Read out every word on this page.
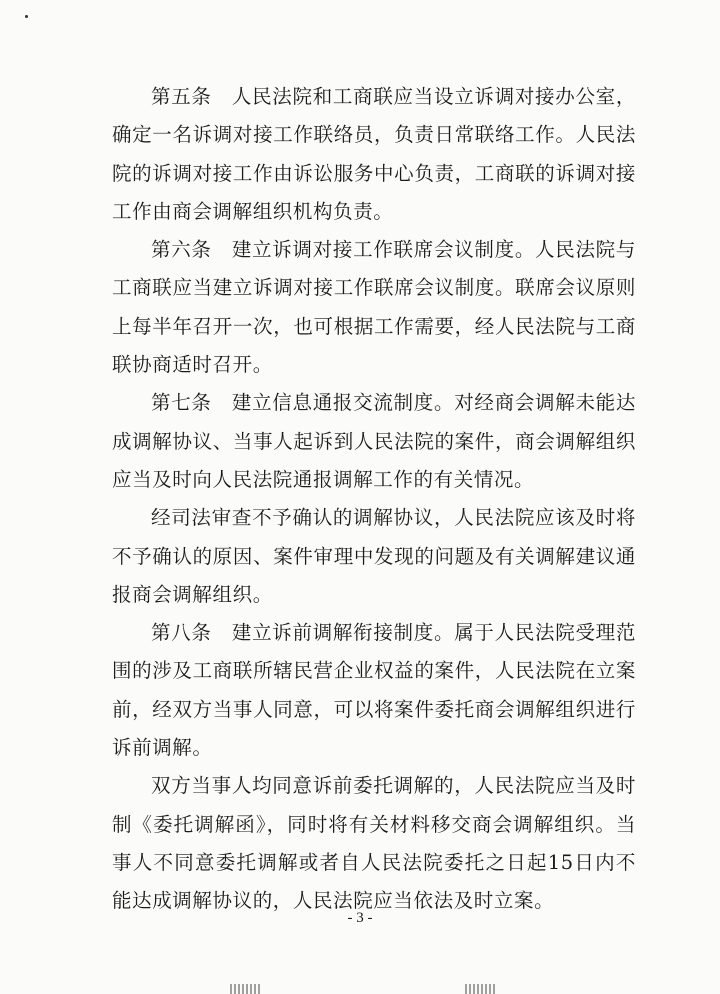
第五条　人民法院和工商联应当设立诉调对接办公室，确定一名诉调对接工作联络员，负责日常联络工作。人民法院的诉调对接工作由诉讼服务中心负责，工商联的诉调对接工作由商会调解组织机构负责。

第六条　建立诉调对接工作联席会议制度。人民法院与工商联应当建立诉调对接工作联席会议制度。联席会议原则上每半年召开一次，也可根据工作需要，经人民法院与工商联协商适时召开。

第七条　建立信息通报交流制度。对经商会调解未能达成调解协议、当事人起诉到人民法院的案件，商会调解组织应当及时向人民法院通报调解工作的有关情况。

经司法审查不予确认的调解协议，人民法院应该及时将不予确认的原因、案件审理中发现的问题及有关调解建议通报商会调解组织。

第八条　建立诉前调解衔接制度。属于人民法院受理范围的涉及工商联所辖民营企业权益的案件，人民法院在立案前，经双方当事人同意，可以将案件委托商会调解组织进行诉前调解。

双方当事人均同意诉前委托调解的，人民法院应当及时制《委托调解函》，同时将有关材料移交商会调解组织。当事人不同意委托调解或者自人民法院委托之日起15日内不能达成调解协议的，人民法院应当依法及时立案。

- 3 -
